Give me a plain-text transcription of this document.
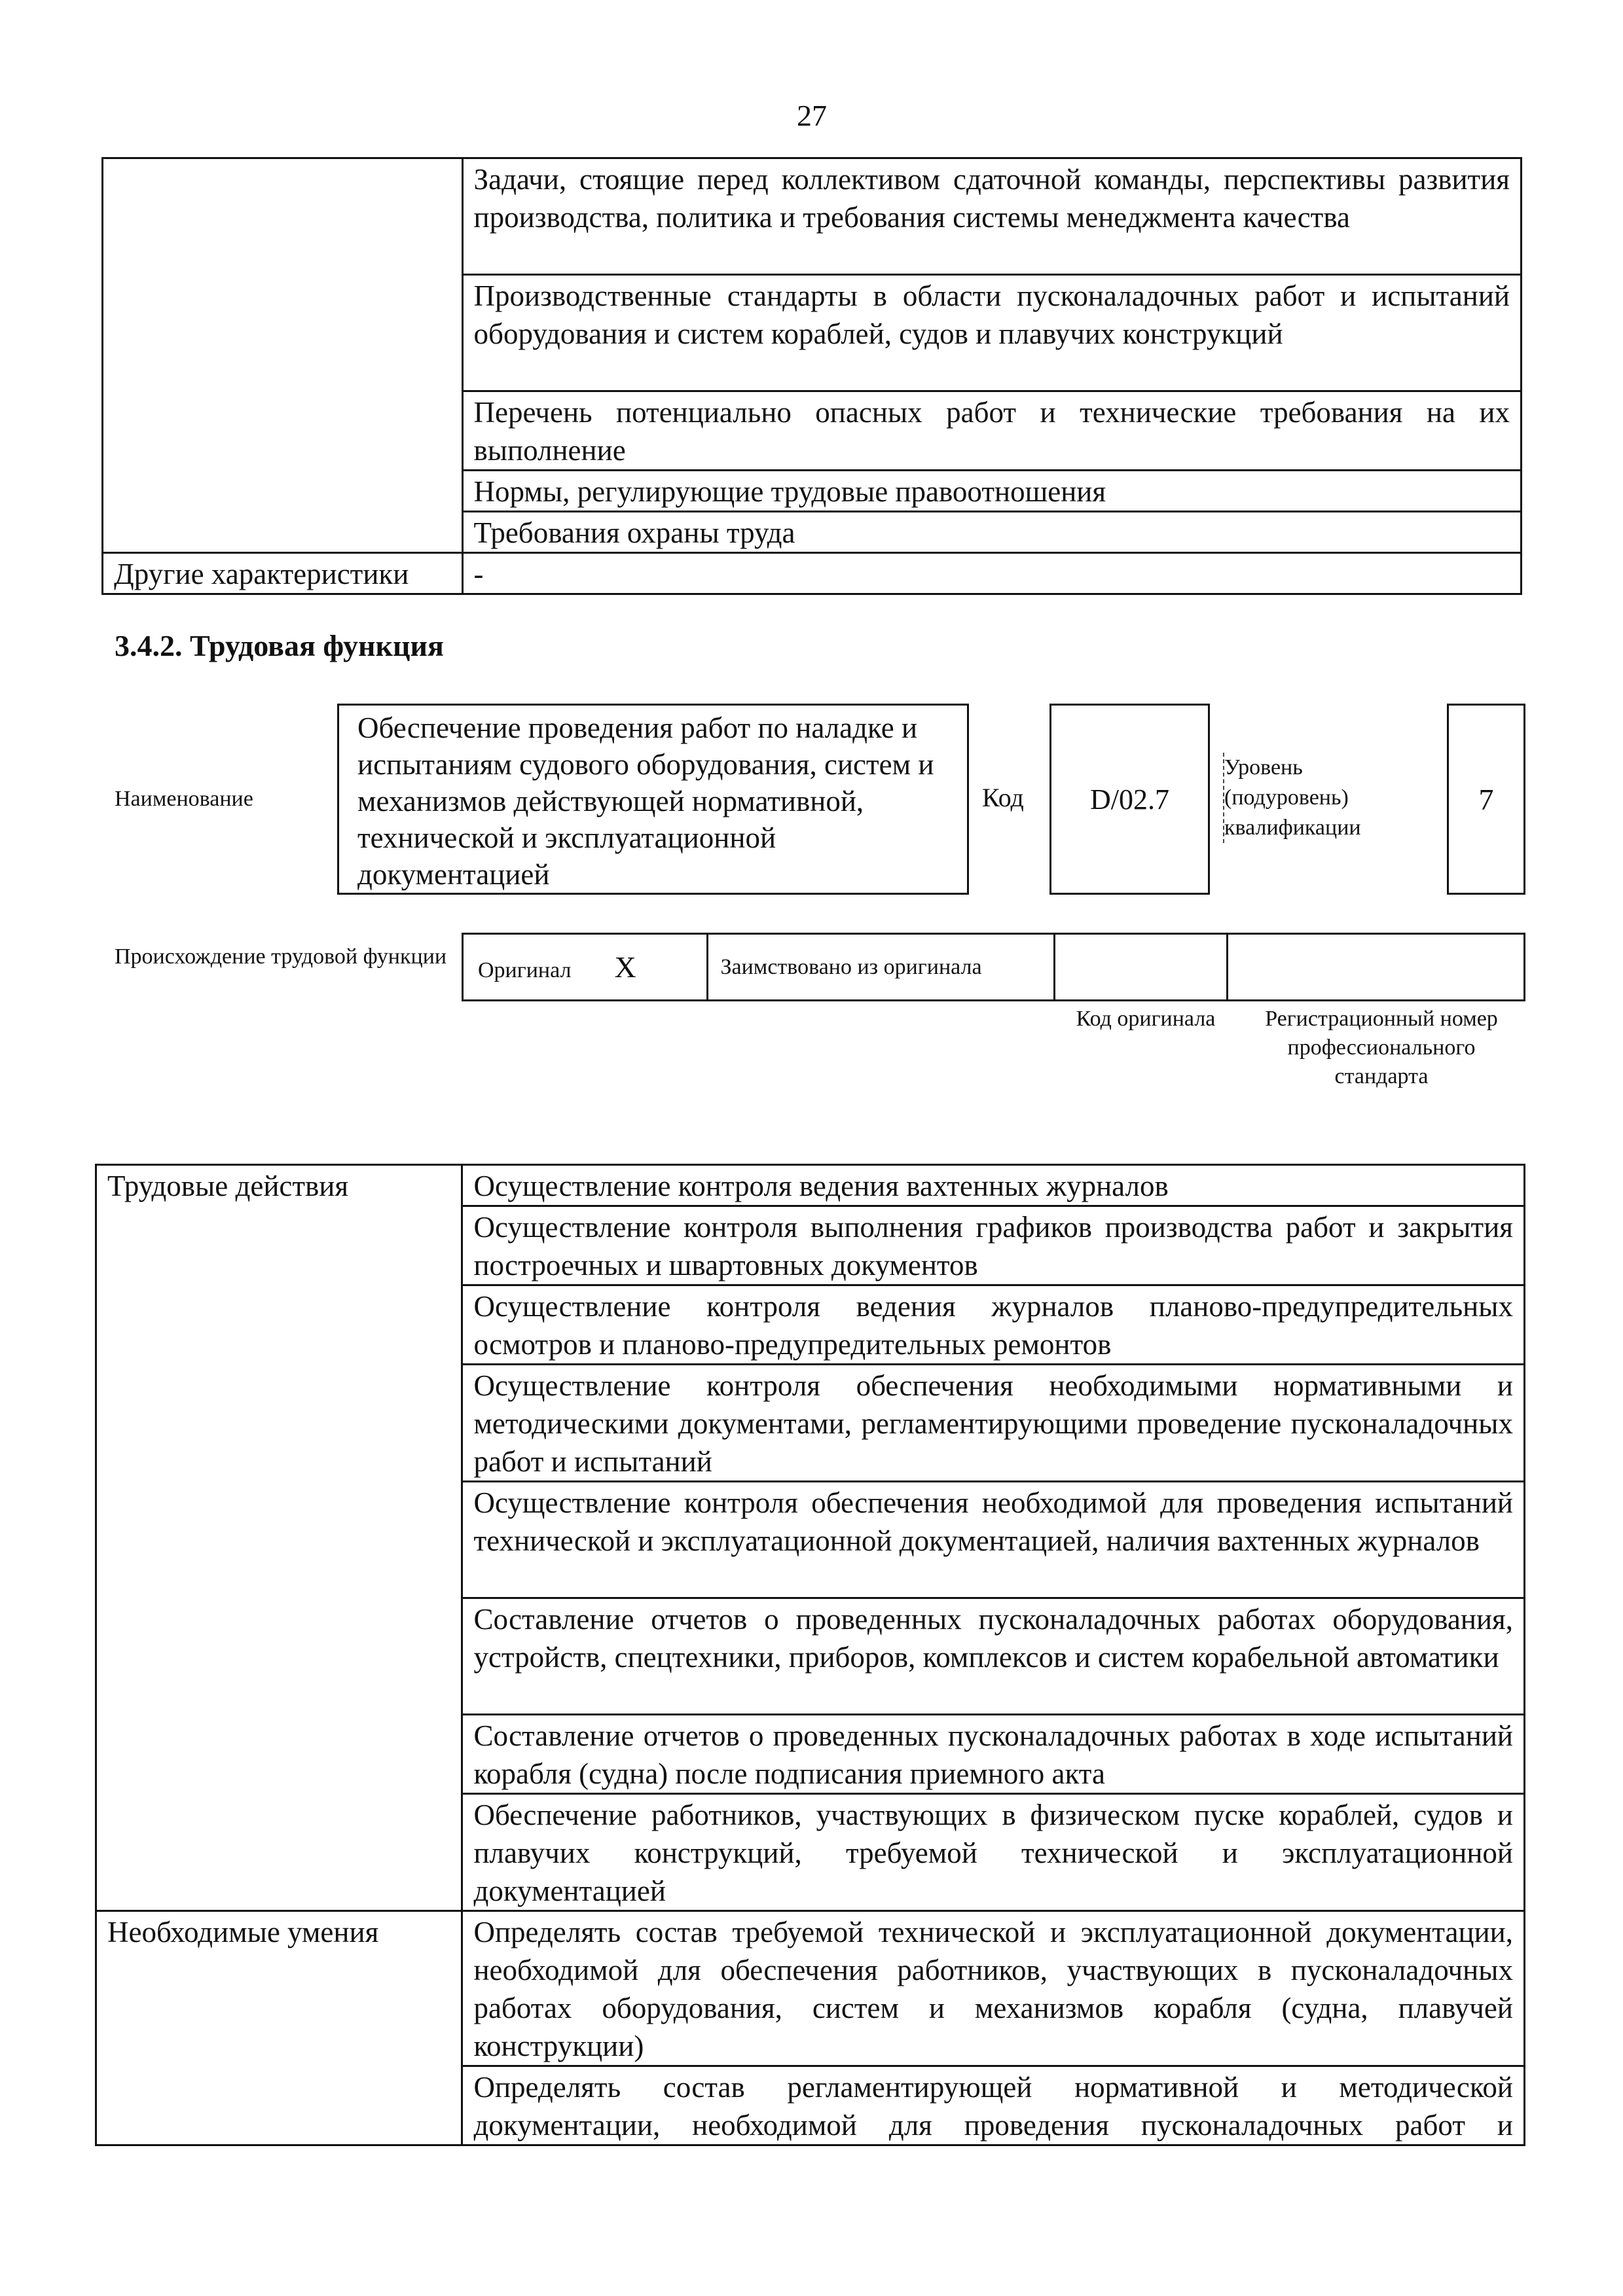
27
	Задачи, стоящие перед коллективом сдаточной команды, перспективы развития производства, политика и требования системы менеджмента качества
	Производственные стандарты в области пусконаладочных работ и испытаний оборудования и систем кораблей, судов и плавучих конструкций
	Перечень потенциально опасных работ и технические требования на их выполнение
	Нормы, регулирующие трудовые правоотношения
	Требования охраны труда
Другие характеристики	-
3.4.2. Трудовая функция
Наименование
Обеспечение проведения работ по наладке и испытаниям судового оборудования, систем и механизмов действующей нормативной, технической и эксплуатационной документацией
Код D/02.7
Уровень (подуровень) квалификации
7
Происхождение трудовой функции
Оригинал X	Заимствовано из оригинала		
Код оригинала	Регистрационный номер профессионального стандарта
Трудовые действия	Осуществление контроля ведения вахтенных журналов
	Осуществление контроля выполнения графиков производства работ и закрытия построечных и швартовных документов
	Осуществление контроля ведения журналов планово-предупредительных осмотров и планово-предупредительных ремонтов
	Осуществление контроля обеспечения необходимыми нормативными и методическими документами, регламентирующими проведение пусконаладочных работ и испытаний
	Осуществление контроля обеспечения необходимой для проведения испытаний технической и эксплуатационной документацией, наличия вахтенных журналов
	Составление отчетов о проведенных пусконаладочных работах оборудования, устройств, спецтехники, приборов, комплексов и систем корабельной автоматики
	Составление отчетов о проведенных пусконаладочных работах в ходе испытаний корабля (судна) после подписания приемного акта
	Обеспечение работников, участвующих в физическом пуске кораблей, судов и плавучих конструкций, требуемой технической и эксплуатационной документацией
Необходимые умения	Определять состав требуемой технической и эксплуатационной документации, необходимой для обеспечения работников, участвующих в пусконаладочных работах оборудования, систем и механизмов корабля (судна, плавучей конструкции)
	Определять состав регламентирующей нормативной и методической документации, необходимой для проведения пусконаладочных работ и
